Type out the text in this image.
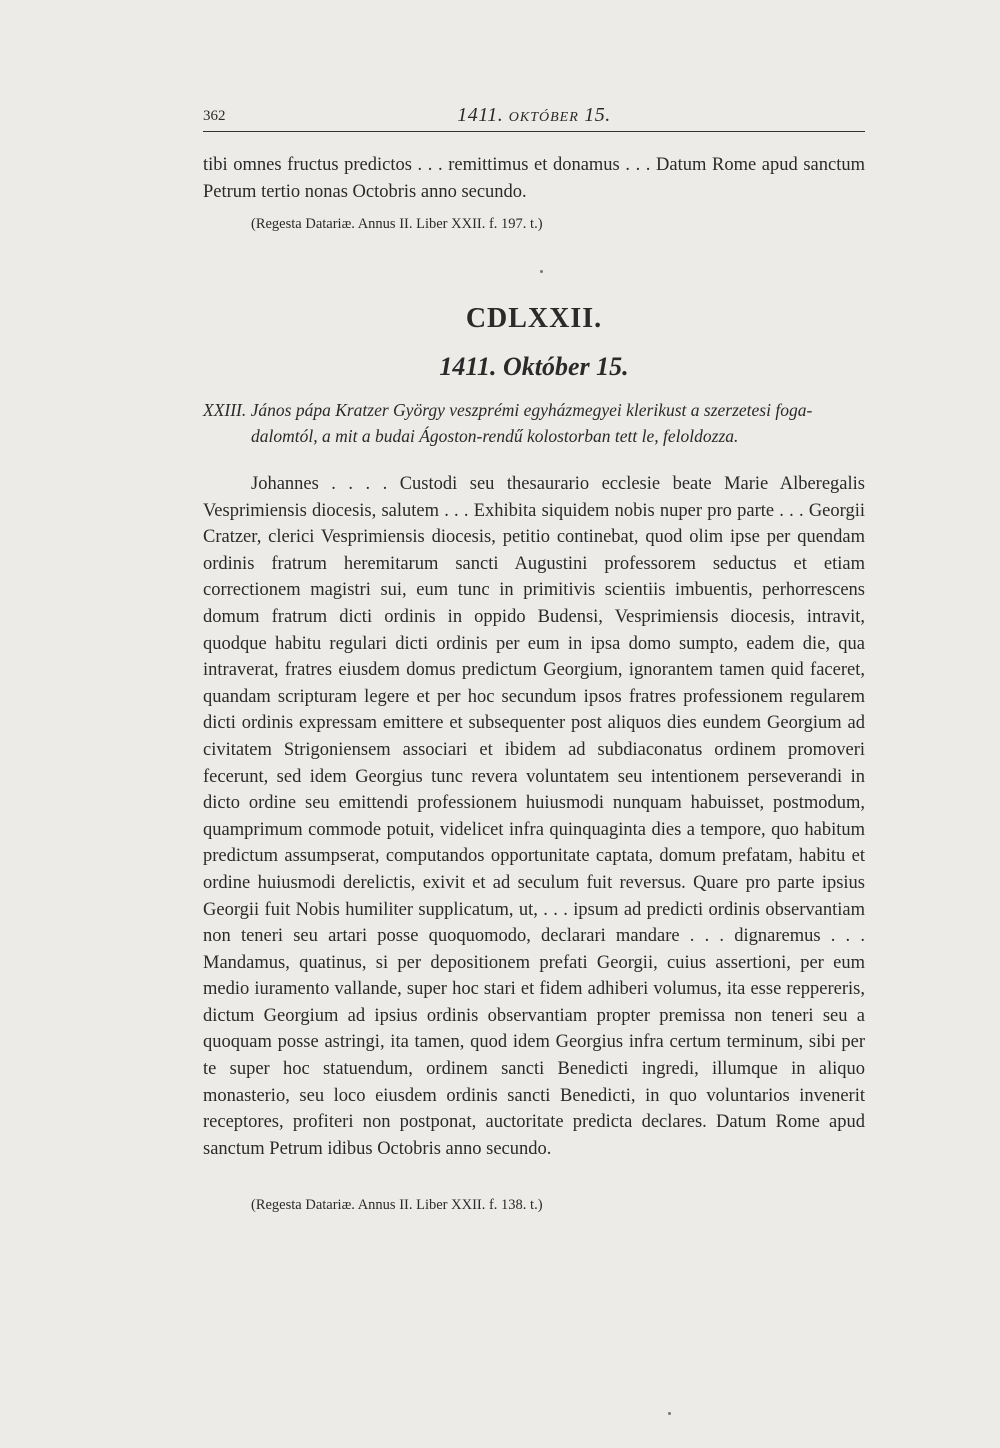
362	1411. OKTÓBER 15.

tibi omnes fructus predictos . . . remittimus et donamus . . . Datum Rome apud sanctum Petrum tertio nonas Octobris anno secundo.

(Regesta Datariæ. Annus II. Liber XXII. f. 197. t.)

CDLXXII.
1411. Október 15.

XXIII. János pápa Kratzer György veszprémi egyházmegyei klerikust a szerzetesi foga-
dalomtól, a mit a budai Ágoston-rendű kolostorban tett le, feloldozza.

Johannes . . . . Custodi seu thesaurario ecclesie beate Marie Alberegalis Vesprimiensis diocesis, salutem . . . Exhibita siquidem nobis nuper pro parte . . . Georgii Cratzer, clerici Vesprimiensis diocesis, petitio continebat, quod olim ipse per quendam ordinis fratrum heremitarum sancti Augustini professorem seductus et etiam correctionem magistri sui, eum tunc in primitivis scientiis imbuentis, perhorrescens domum fratrum dicti ordinis in oppido Budensi, Vesprimiensis diocesis, intravit, quodque habitu regulari dicti ordinis per eum in ipsa domo sumpto, eadem die, qua intraverat, fratres eiusdem domus predictum Georgium, ignorantem tamen quid faceret, quandam scripturam legere et per hoc secundum ipsos fratres professionem regularem dicti ordinis expressam emittere et subsequenter post aliquos dies eundem Georgium ad civitatem Strigoniensem associari et ibidem ad subdiaconatus ordinem promoveri fecerunt, sed idem Georgius tunc revera voluntatem seu intentionem perseverandi in dicto ordine seu emittendi professionem huiusmodi nunquam habuisset, postmodum, quamprimum commode potuit, videlicet infra quinquaginta dies a tempore, quo habitum predictum assumpserat, computandos opportunitate captata, domum prefatam, habitu et ordine huiusmodi derelictis, exivit et ad seculum fuit reversus. Quare pro parte ipsius Georgii fuit Nobis humiliter supplicatum, ut, . . . ipsum ad predicti ordinis observantiam non teneri seu artari posse quoquomodo, declarari mandare . . . dignaremus . . . Mandamus, quatinus, si per depositionem prefati Georgii, cuius assertioni, per eum medio iuramento vallande, super hoc stari et fidem adhiberi volumus, ita esse reppereris, dictum Georgium ad ipsius ordinis observantiam propter premissa non teneri seu a quoquam posse astringi, ita tamen, quod idem Georgius infra certum terminum, sibi per te super hoc statuendum, ordinem sancti Benedicti ingredi, illumque in aliquo monasterio, seu loco eiusdem ordinis sancti Benedicti, in quo voluntarios invenerit receptores, profiteri non postponat, auctoritate predicta declares. Datum Rome apud sanctum Petrum idibus Octobris anno secundo.

(Regesta Datariæ. Annus II. Liber XXII. f. 138. t.)
